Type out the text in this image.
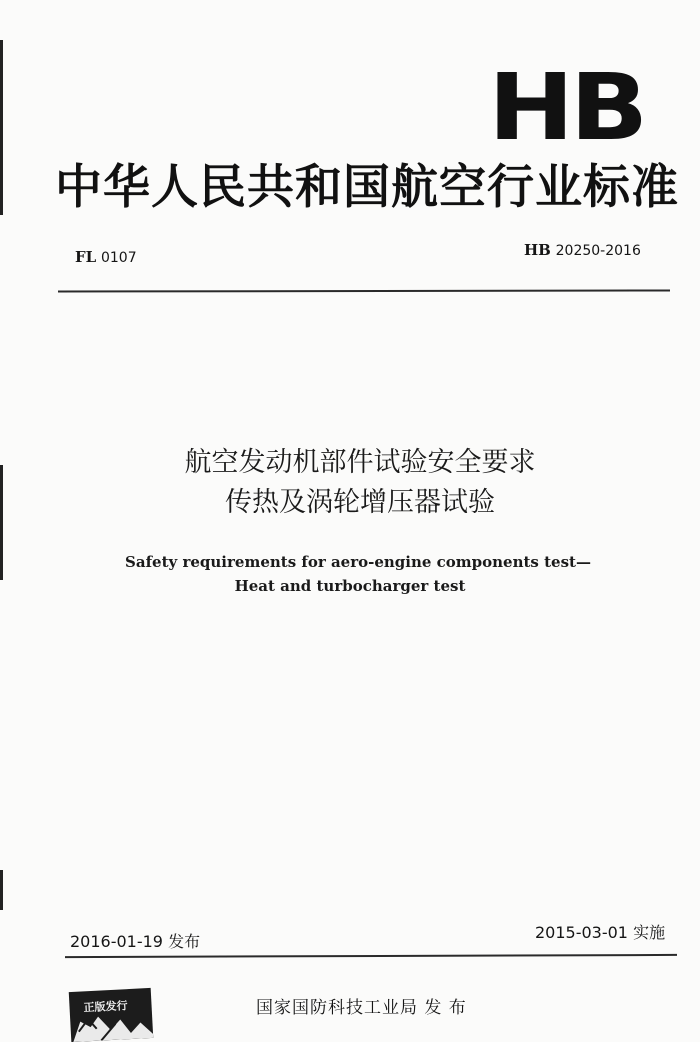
HB
中华人民共和国航空行业标准
FL 0107	HB 20250-2016
航空发动机部件试验安全要求
传热及涡轮增压器试验
Safety requirements for aero-engine components test—
Heat and turbocharger test
2016-01-19 发布	2015-03-01 实施
正版发行	国家国防科技工业局 发 布
